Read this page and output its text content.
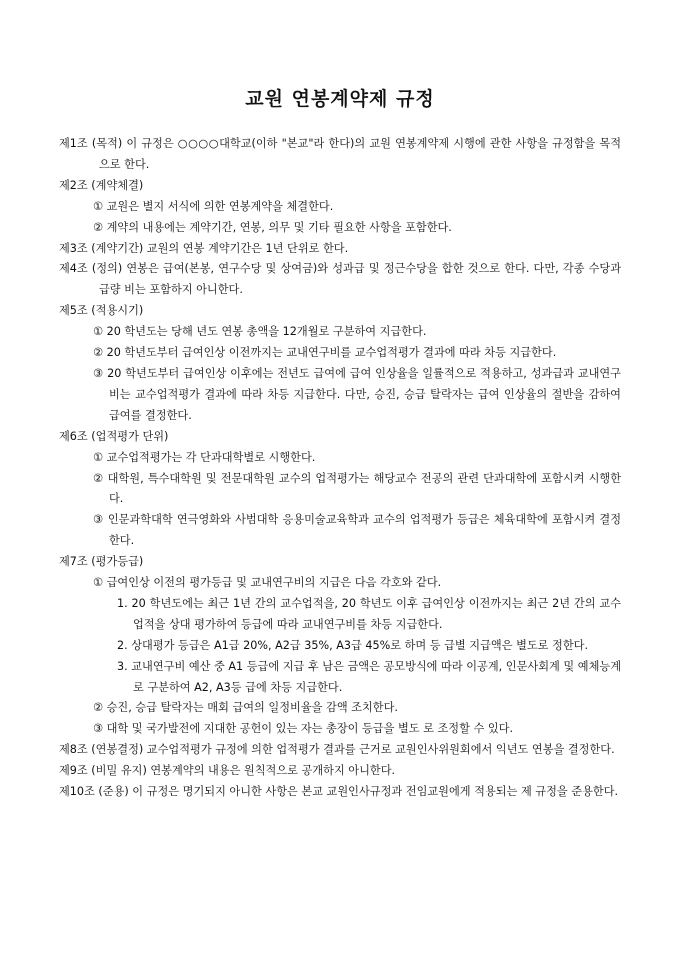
교원 연봉계약제 규정

제1조 (목적) 이 규정은 ○○○○대학교(이하 "본교"라 한다)의 교원 연봉계약제 시행에 관한 사항을 규정함을 목적으로 한다.

제2조 (계약체결)

① 교원은 별지 서식에 의한 연봉계약을 체결한다.

② 계약의 내용에는 계약기간, 연봉, 의무 및 기타 필요한 사항을 포함한다.

제3조 (계약기간) 교원의 연봉 계약기간은 1년 단위로 한다.

제4조 (정의) 연봉은 급여(본봉, 연구수당 및 상여금)와 성과급 및 정근수당을 합한 것으로 한다. 다만, 각종 수당과 급량 비는 포함하지 아니한다.

제5조 (적용시기)

① 20 학년도는 당해 년도 연봉 총액을 12개월로 구분하여 지급한다.

② 20 학년도부터 급여인상 이전까지는 교내연구비를 교수업적평가 결과에 따라 차등 지급한다.

③ 20 학년도부터 급여인상 이후에는 전년도 급여에 급여 인상율을 일률적으로 적용하고, 성과급과 교내연구비는 교수업적평가 결과에 따라 차등 지급한다. 다만, 승진, 승급 탈락자는 급여 인상율의 절반을 감하여 급여를 결정한다.

제6조 (업적평가 단위)

① 교수업적평가는 각 단과대학별로 시행한다.

② 대학원, 특수대학원 및 전문대학원 교수의 업적평가는 해당교수 전공의 관련 단과대학에 포함시켜 시행한다.

③ 인문과학대학 연극영화와 사범대학 응용미술교육학과 교수의 업적평가 등급은 체육대학에 포함시켜 결정한다.

제7조 (평가등급)

① 급여인상 이전의 평가등급 및 교내연구비의 지급은 다음 각호와 같다.

1. 20 학년도에는 최근 1년 간의 교수업적을, 20 학년도 이후 급여인상 이전까지는 최근 2년 간의 교수업적을 상대 평가하여 등급에 따라 교내연구비를 차등 지급한다.

2. 상대평가 등급은 A1급 20%, A2급 35%, A3급 45%로 하며 등 급별 지급액은 별도로 정한다.

3. 교내연구비 예산 중 A1 등급에 지급 후 남은 금액은 공모방식에 따라 이공계, 인문사회계 및 예체능계로 구분하여 A2, A3등 급에 차등 지급한다.

② 승진, 승급 탈락자는 매회 급여의 일정비율을 감액 조치한다.

③ 대학 및 국가발전에 지대한 공헌이 있는 자는 총장이 등급을 별도 로 조정할 수 있다.

제8조 (연봉결정) 교수업적평가 규정에 의한 업적평가 결과를 근거로 교원인사위원회에서 익년도 연봉을 결정한다.

제9조 (비밀 유지) 연봉계약의 내용은 원칙적으로 공개하지 아니한다.

제10조 (준용) 이 규정은 명기되지 아니한 사항은 본교 교원인사규정과 전임교원에게 적용되는 제 규정을 준용한다.
